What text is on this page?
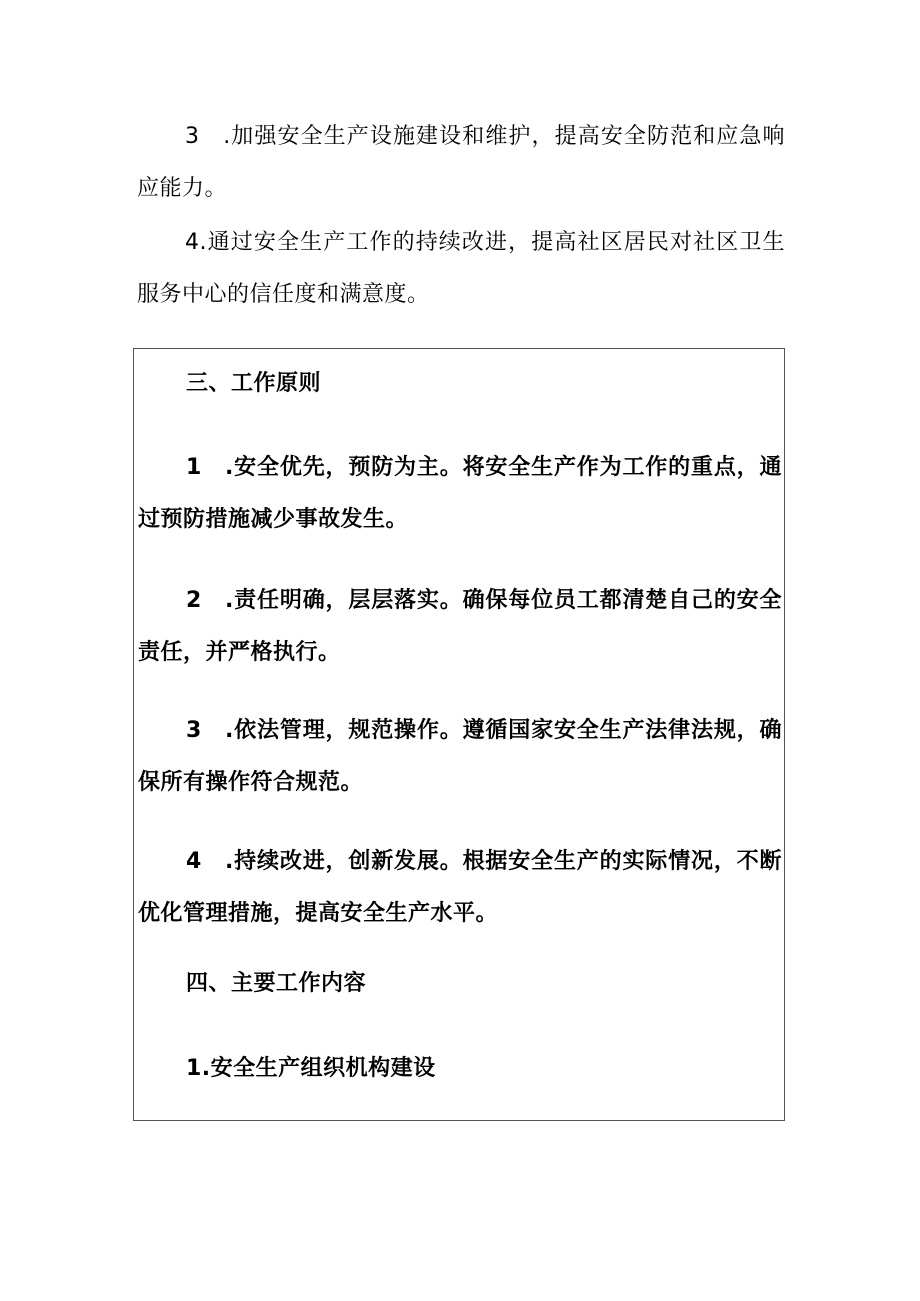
3　.加强安全生产设施建设和维护，提高安全防范和应急响应能力。

4.通过安全生产工作的持续改进，提高社区居民对社区卫生服务中心的信任度和满意度。

三、工作原则

1　.安全优先，预防为主。将安全生产作为工作的重点，通过预防措施减少事故发生。

2　.责任明确，层层落实。确保每位员工都清楚自己的安全责任，并严格执行。

3　.依法管理，规范操作。遵循国家安全生产法律法规，确保所有操作符合规范。

4　.持续改进，创新发展。根据安全生产的实际情况，不断优化管理措施，提高安全生产水平。

四、主要工作内容

1.安全生产组织机构建设
